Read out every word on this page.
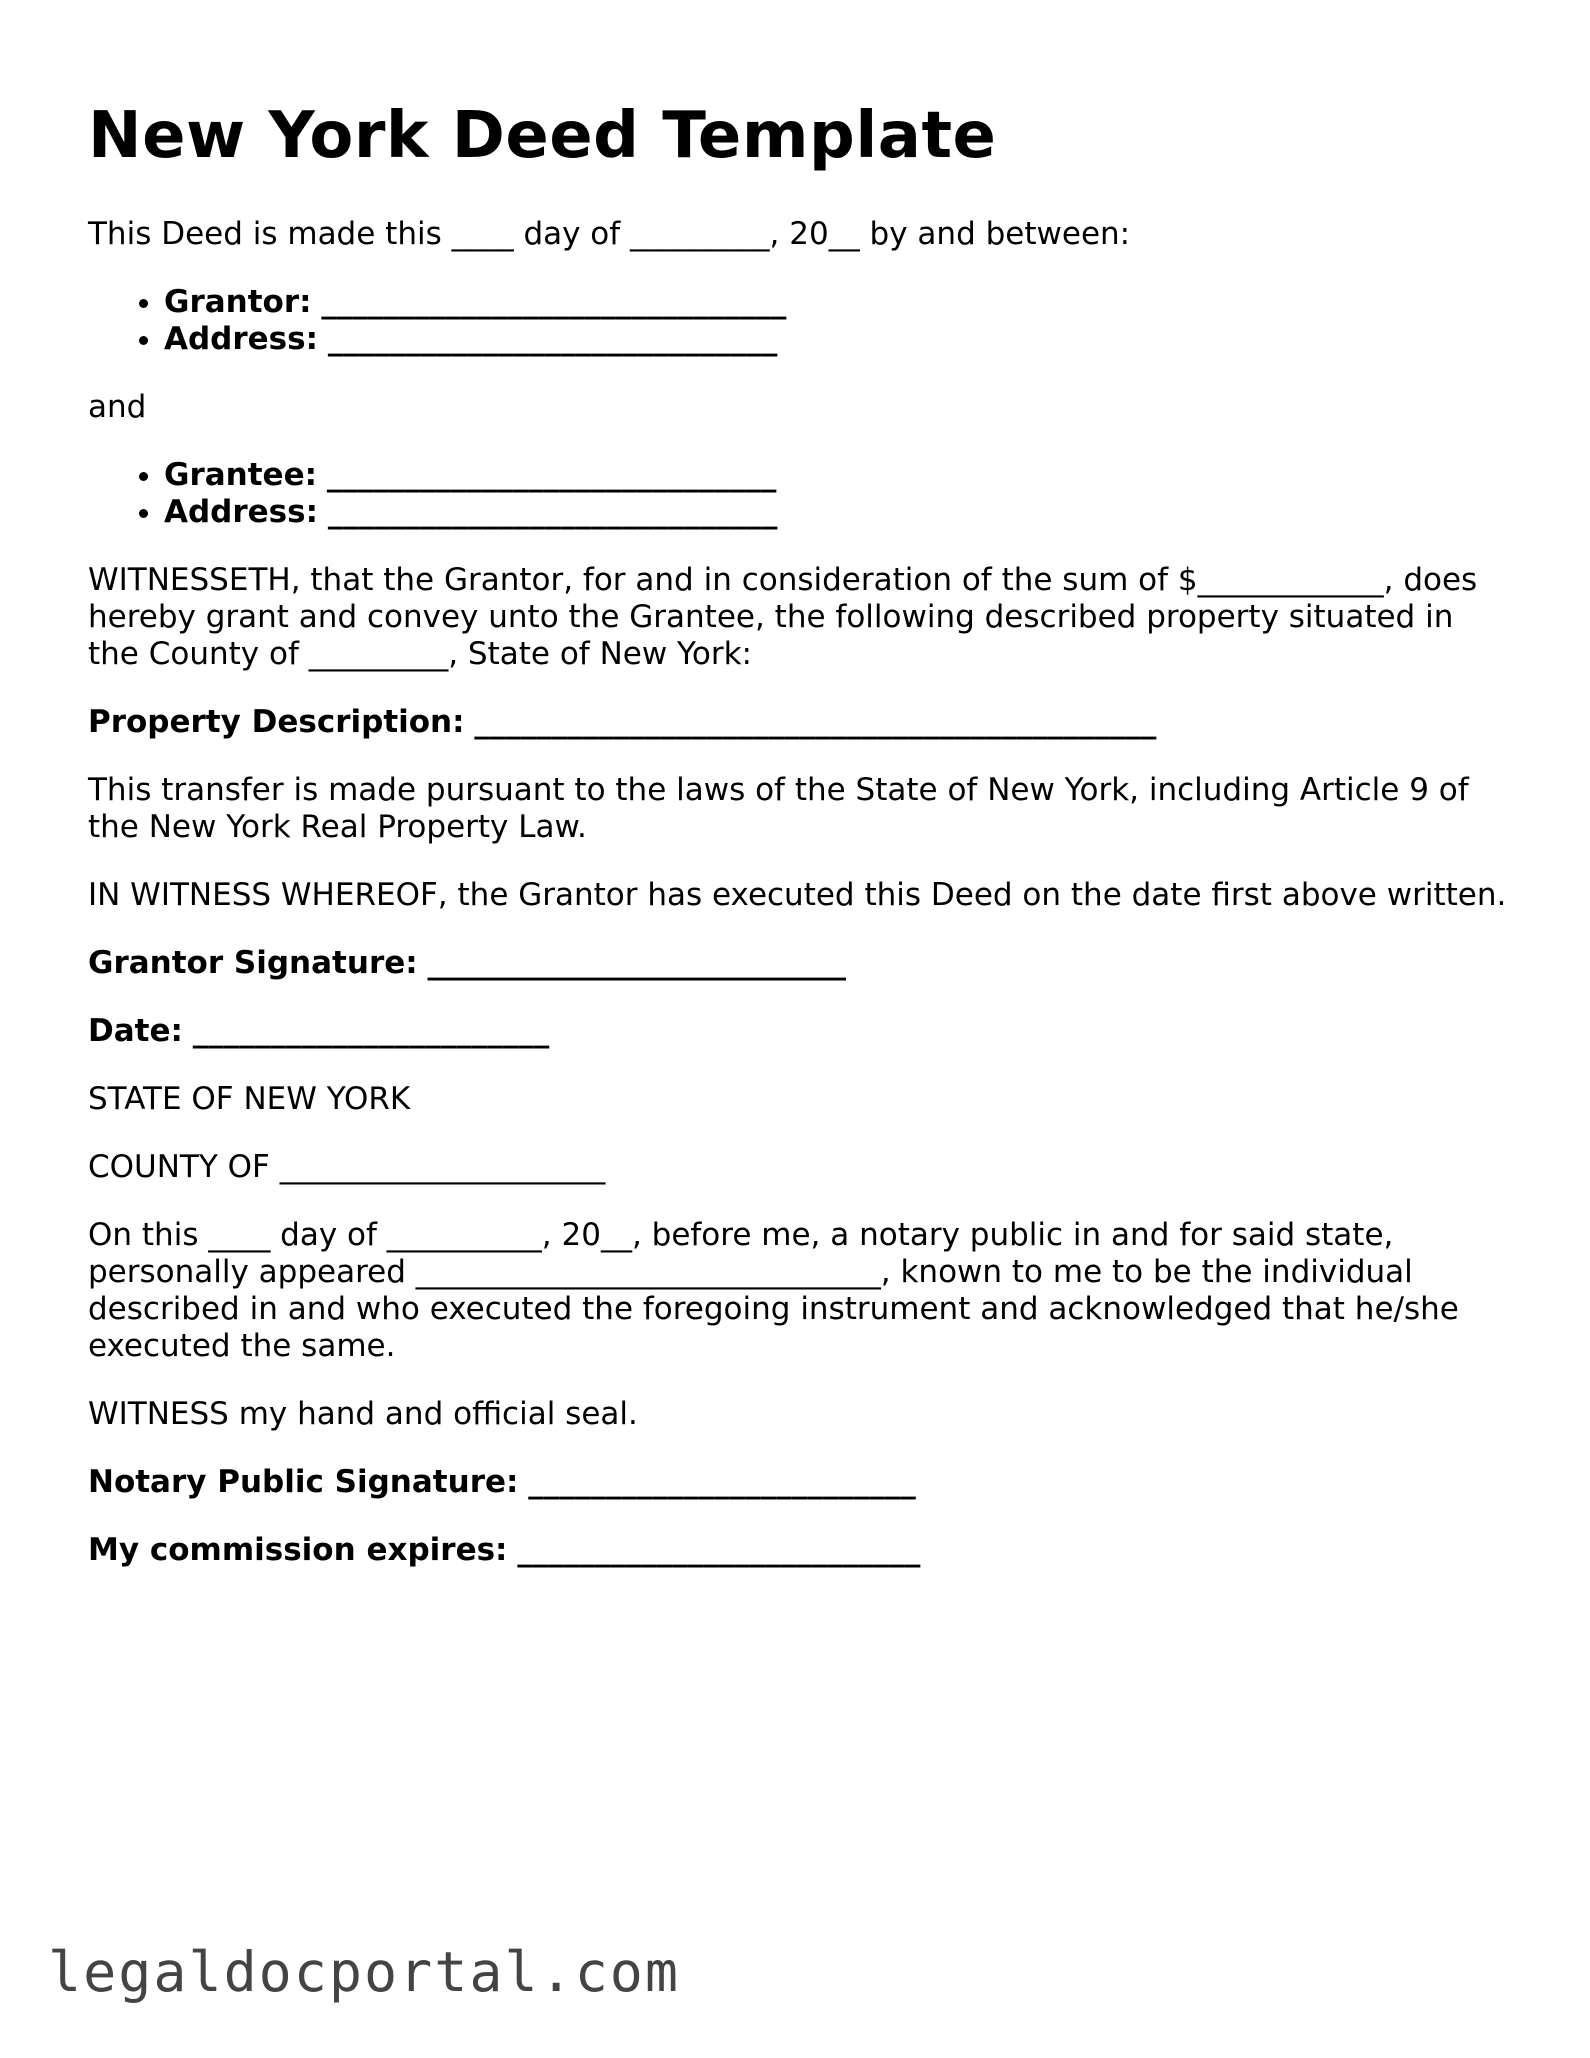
New York Deed Template

This Deed is made this ____ day of _________, 20__ by and between:

• Grantor: ______________________________
• Address: _____________________________

and

• Grantee: _____________________________
• Address: _____________________________

WITNESSETH, that the Grantor, for and in consideration of the sum of $____________, does hereby grant and convey unto the Grantee, the following described property situated in the County of _________, State of New York:

Property Description: ____________________________________________

This transfer is made pursuant to the laws of the State of New York, including Article 9 of the New York Real Property Law.

IN WITNESS WHEREOF, the Grantor has executed this Deed on the date first above written.

Grantor Signature: ___________________________

Date: _______________________

STATE OF NEW YORK

COUNTY OF _____________________

On this ____ day of __________, 20__, before me, a notary public in and for said state, personally appeared ______________________________, known to me to be the individual described in and who executed the foregoing instrument and acknowledged that he/she executed the same.

WITNESS my hand and official seal.

Notary Public Signature: _________________________

My commission expires: __________________________

legaldocportal.com
